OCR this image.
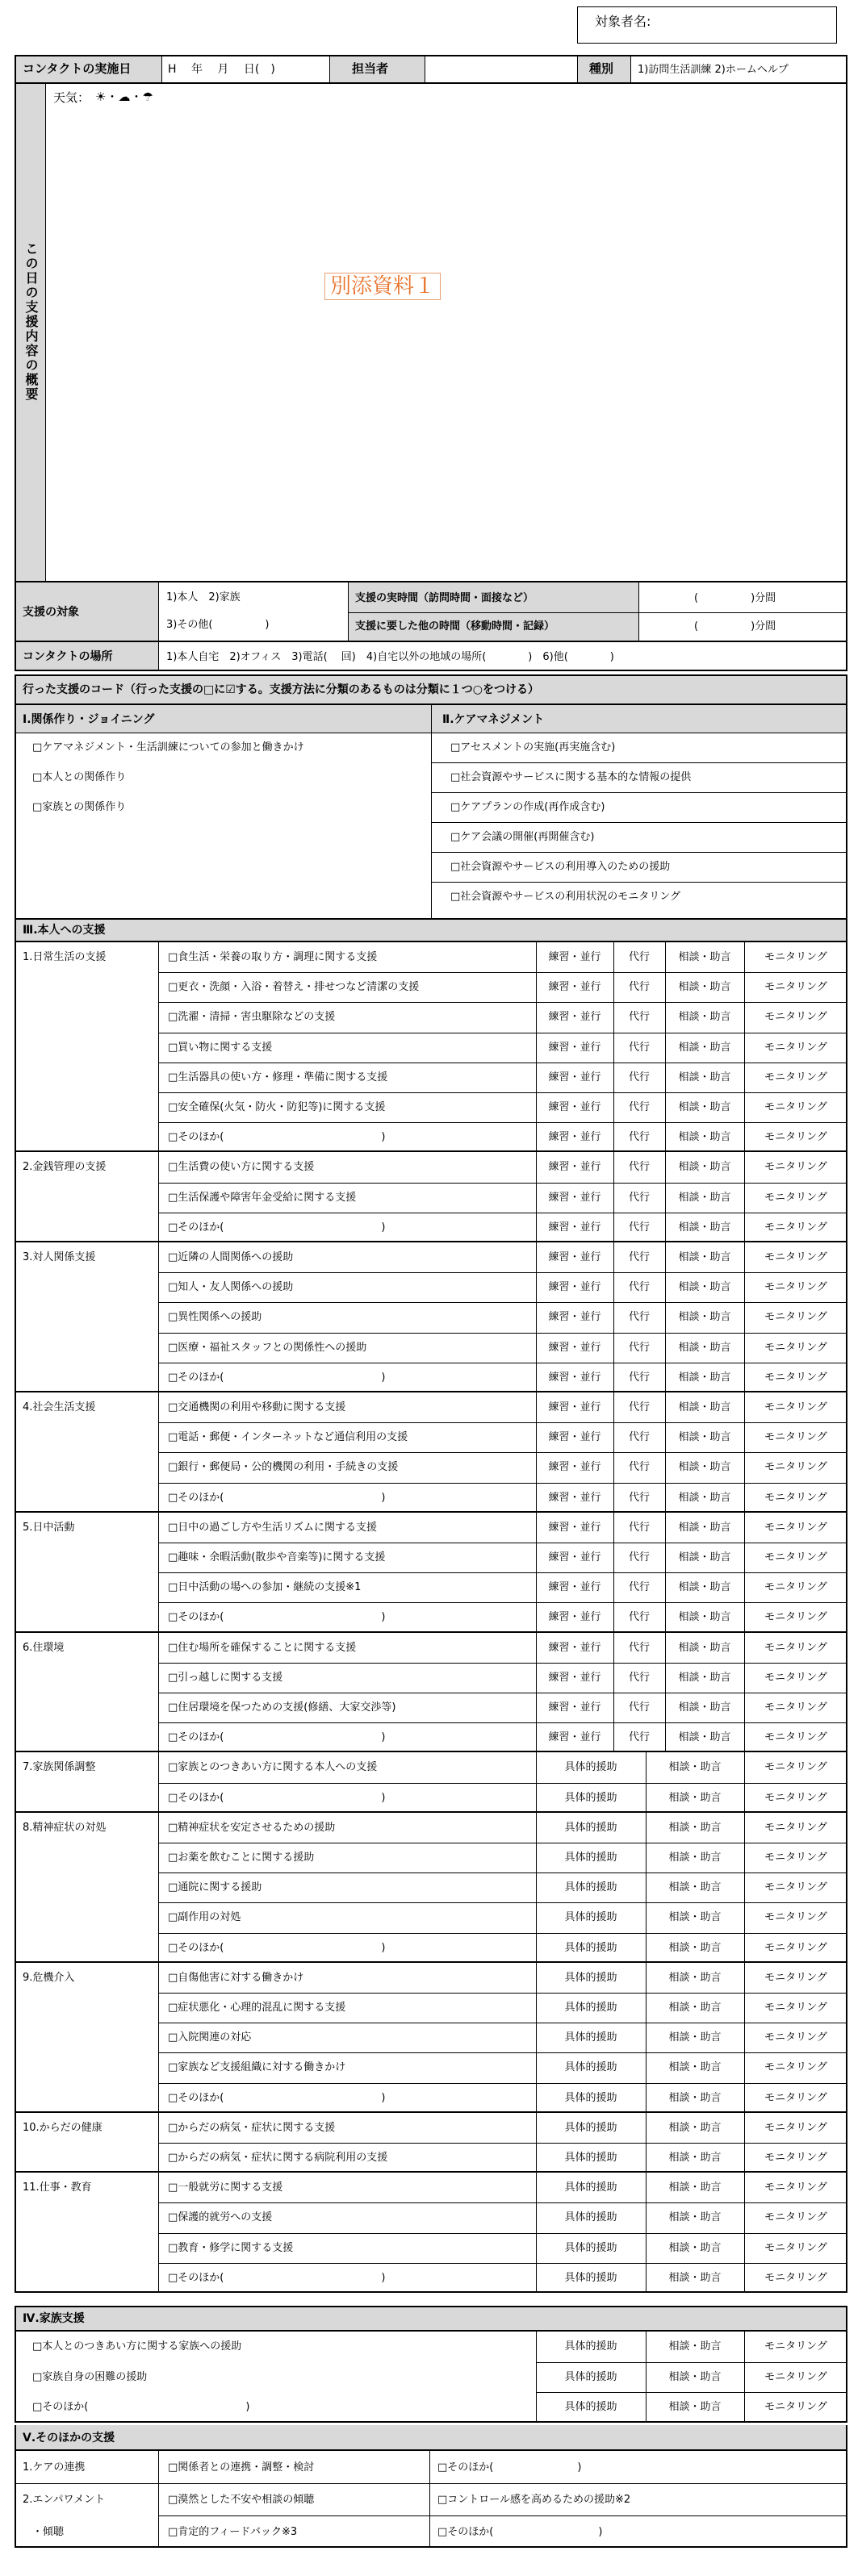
対象者名:
コンタクトの実施日	H　 年　 月　 日(　)	担当者	種別 1)訪問生活訓練 2)ホームヘルプ
この日の支援内容の概要
天気： ☀・☁・☂
別添資料１
支援の対象
1)本人　2)家族
3)その他(　　　　　)
支援の実時間（訪問時間・面接など）	(　　　　　)分間
支援に要した他の時間（移動時間・記録）	(　　　　　)分間
コンタクトの場所	1)本人自宅　2)オフィス　3)電話(　 回)　4)自宅以外の地域の場所(　　　　)　6)他(　　　　)
行った支援のコード（行った支援の□に☑する。支援方法に分類のあるものは分類に１つ○をつける）
Ⅰ.関係作り・ジョイニング	Ⅱ.ケアマネジメント
□ケアマネジメント・生活訓練についての参加と働きかけ
□本人との関係作り
□家族との関係作り
□アセスメントの実施(再実施含む)
□社会資源やサービスに関する基本的な情報の提供
□ケアプランの作成(再作成含む)
□ケア会議の開催(再開催含む)
□社会資源やサービスの利用導入のための援助
□社会資源やサービスの利用状況のモニタリング
Ⅲ.本人への支援
1.日常生活の支援	□食生活・栄養の取り方・調理に関する支援	練習・並行	代行	相談・助言	モニタリング
□更衣・洗顔・入浴・着替え・排せつなど清潔の支援	練習・並行	代行	相談・助言	モニタリング
□洗濯・清掃・害虫駆除などの支援	練習・並行	代行	相談・助言	モニタリング
□買い物に関する支援	練習・並行	代行	相談・助言	モニタリング
□生活器具の使い方・修理・準備に関する支援	練習・並行	代行	相談・助言	モニタリング
□安全確保(火気・防火・防犯等)に関する支援	練習・並行	代行	相談・助言	モニタリング
□そのほか(　　　　　　　　　　　　　　　)	練習・並行	代行	相談・助言	モニタリング
2.金銭管理の支援	□生活費の使い方に関する支援	練習・並行	代行	相談・助言	モニタリング
□生活保護や障害年金受給に関する支援	練習・並行	代行	相談・助言	モニタリング
□そのほか(　　　　　　　　　　　　　　　)	練習・並行	代行	相談・助言	モニタリング
3.対人関係支援	□近隣の人間関係への援助	練習・並行	代行	相談・助言	モニタリング
□知人・友人関係への援助	練習・並行	代行	相談・助言	モニタリング
□異性関係への援助	練習・並行	代行	相談・助言	モニタリング
□医療・福祉スタッフとの関係性への援助	練習・並行	代行	相談・助言	モニタリング
□そのほか(　　　　　　　　　　　　　　　)	練習・並行	代行	相談・助言	モニタリング
4.社会生活支援	□交通機関の利用や移動に関する支援	練習・並行	代行	相談・助言	モニタリング
□電話・郵便・インターネットなど通信利用の支援	練習・並行	代行	相談・助言	モニタリング
□銀行・郵便局・公的機関の利用・手続きの支援	練習・並行	代行	相談・助言	モニタリング
□そのほか(　　　　　　　　　　　　　　　)	練習・並行	代行	相談・助言	モニタリング
5.日中活動	□日中の過ごし方や生活リズムに関する支援	練習・並行	代行	相談・助言	モニタリング
□趣味・余暇活動(散歩や音楽等)に関する支援	練習・並行	代行	相談・助言	モニタリング
□日中活動の場への参加・継続の支援※1	練習・並行	代行	相談・助言	モニタリング
□そのほか(　　　　　　　　　　　　　　　)	練習・並行	代行	相談・助言	モニタリング
6.住環境	□住む場所を確保することに関する支援	練習・並行	代行	相談・助言	モニタリング
□引っ越しに関する支援	練習・並行	代行	相談・助言	モニタリング
□住居環境を保つための支援(修繕、大家交渉等)	練習・並行	代行	相談・助言	モニタリング
□そのほか(　　　　　　　　　　　　　　　)	練習・並行	代行	相談・助言	モニタリング
7.家族関係調整	□家族とのつきあい方に関する本人への支援	具体的援助	相談・助言	モニタリング
□そのほか(　　　　　　　　　　　　　　　)	具体的援助	相談・助言	モニタリング
8.精神症状の対処	□精神症状を安定させるための援助	具体的援助	相談・助言	モニタリング
□お薬を飲むことに関する援助	具体的援助	相談・助言	モニタリング
□通院に関する援助	具体的援助	相談・助言	モニタリング
□副作用の対処	具体的援助	相談・助言	モニタリング
□そのほか(　　　　　　　　　　　　　　　)	具体的援助	相談・助言	モニタリング
9.危機介入	□自傷他害に対する働きかけ	具体的援助	相談・助言	モニタリング
□症状悪化・心理的混乱に関する支援	具体的援助	相談・助言	モニタリング
□入院関連の対応	具体的援助	相談・助言	モニタリング
□家族など支援組織に対する働きかけ	具体的援助	相談・助言	モニタリング
□そのほか(　　　　　　　　　　　　　　　)	具体的援助	相談・助言	モニタリング
10.からだの健康	□からだの病気・症状に関する支援	具体的援助	相談・助言	モニタリング
□からだの病気・症状に関する病院利用の支援	具体的援助	相談・助言	モニタリング
11.仕事・教育	□一般就労に関する支援	具体的援助	相談・助言	モニタリング
□保護的就労への支援	具体的援助	相談・助言	モニタリング
□教育・修学に関する支援	具体的援助	相談・助言	モニタリング
□そのほか(　　　　　　　　　　　　　　　)	具体的援助	相談・助言	モニタリング
Ⅳ.家族支援
□本人とのつきあい方に関する家族への援助	具体的援助	相談・助言	モニタリング
□家族自身の困難の援助	具体的援助	相談・助言	モニタリング
□そのほか(　　　　　　　　　　　　　　　)	具体的援助	相談・助言	モニタリング
Ⅴ.そのほかの支援
1.ケアの連携	□関係者との連携・調整・検討	□そのほか(　　　　　　　　)
2.エンパワメント	□漠然とした不安や相談の傾聴	□コントロール感を高めるための援助※2
・傾聴	□肯定的フィードバック※3	□そのほか(　　　　　　　　　　)
